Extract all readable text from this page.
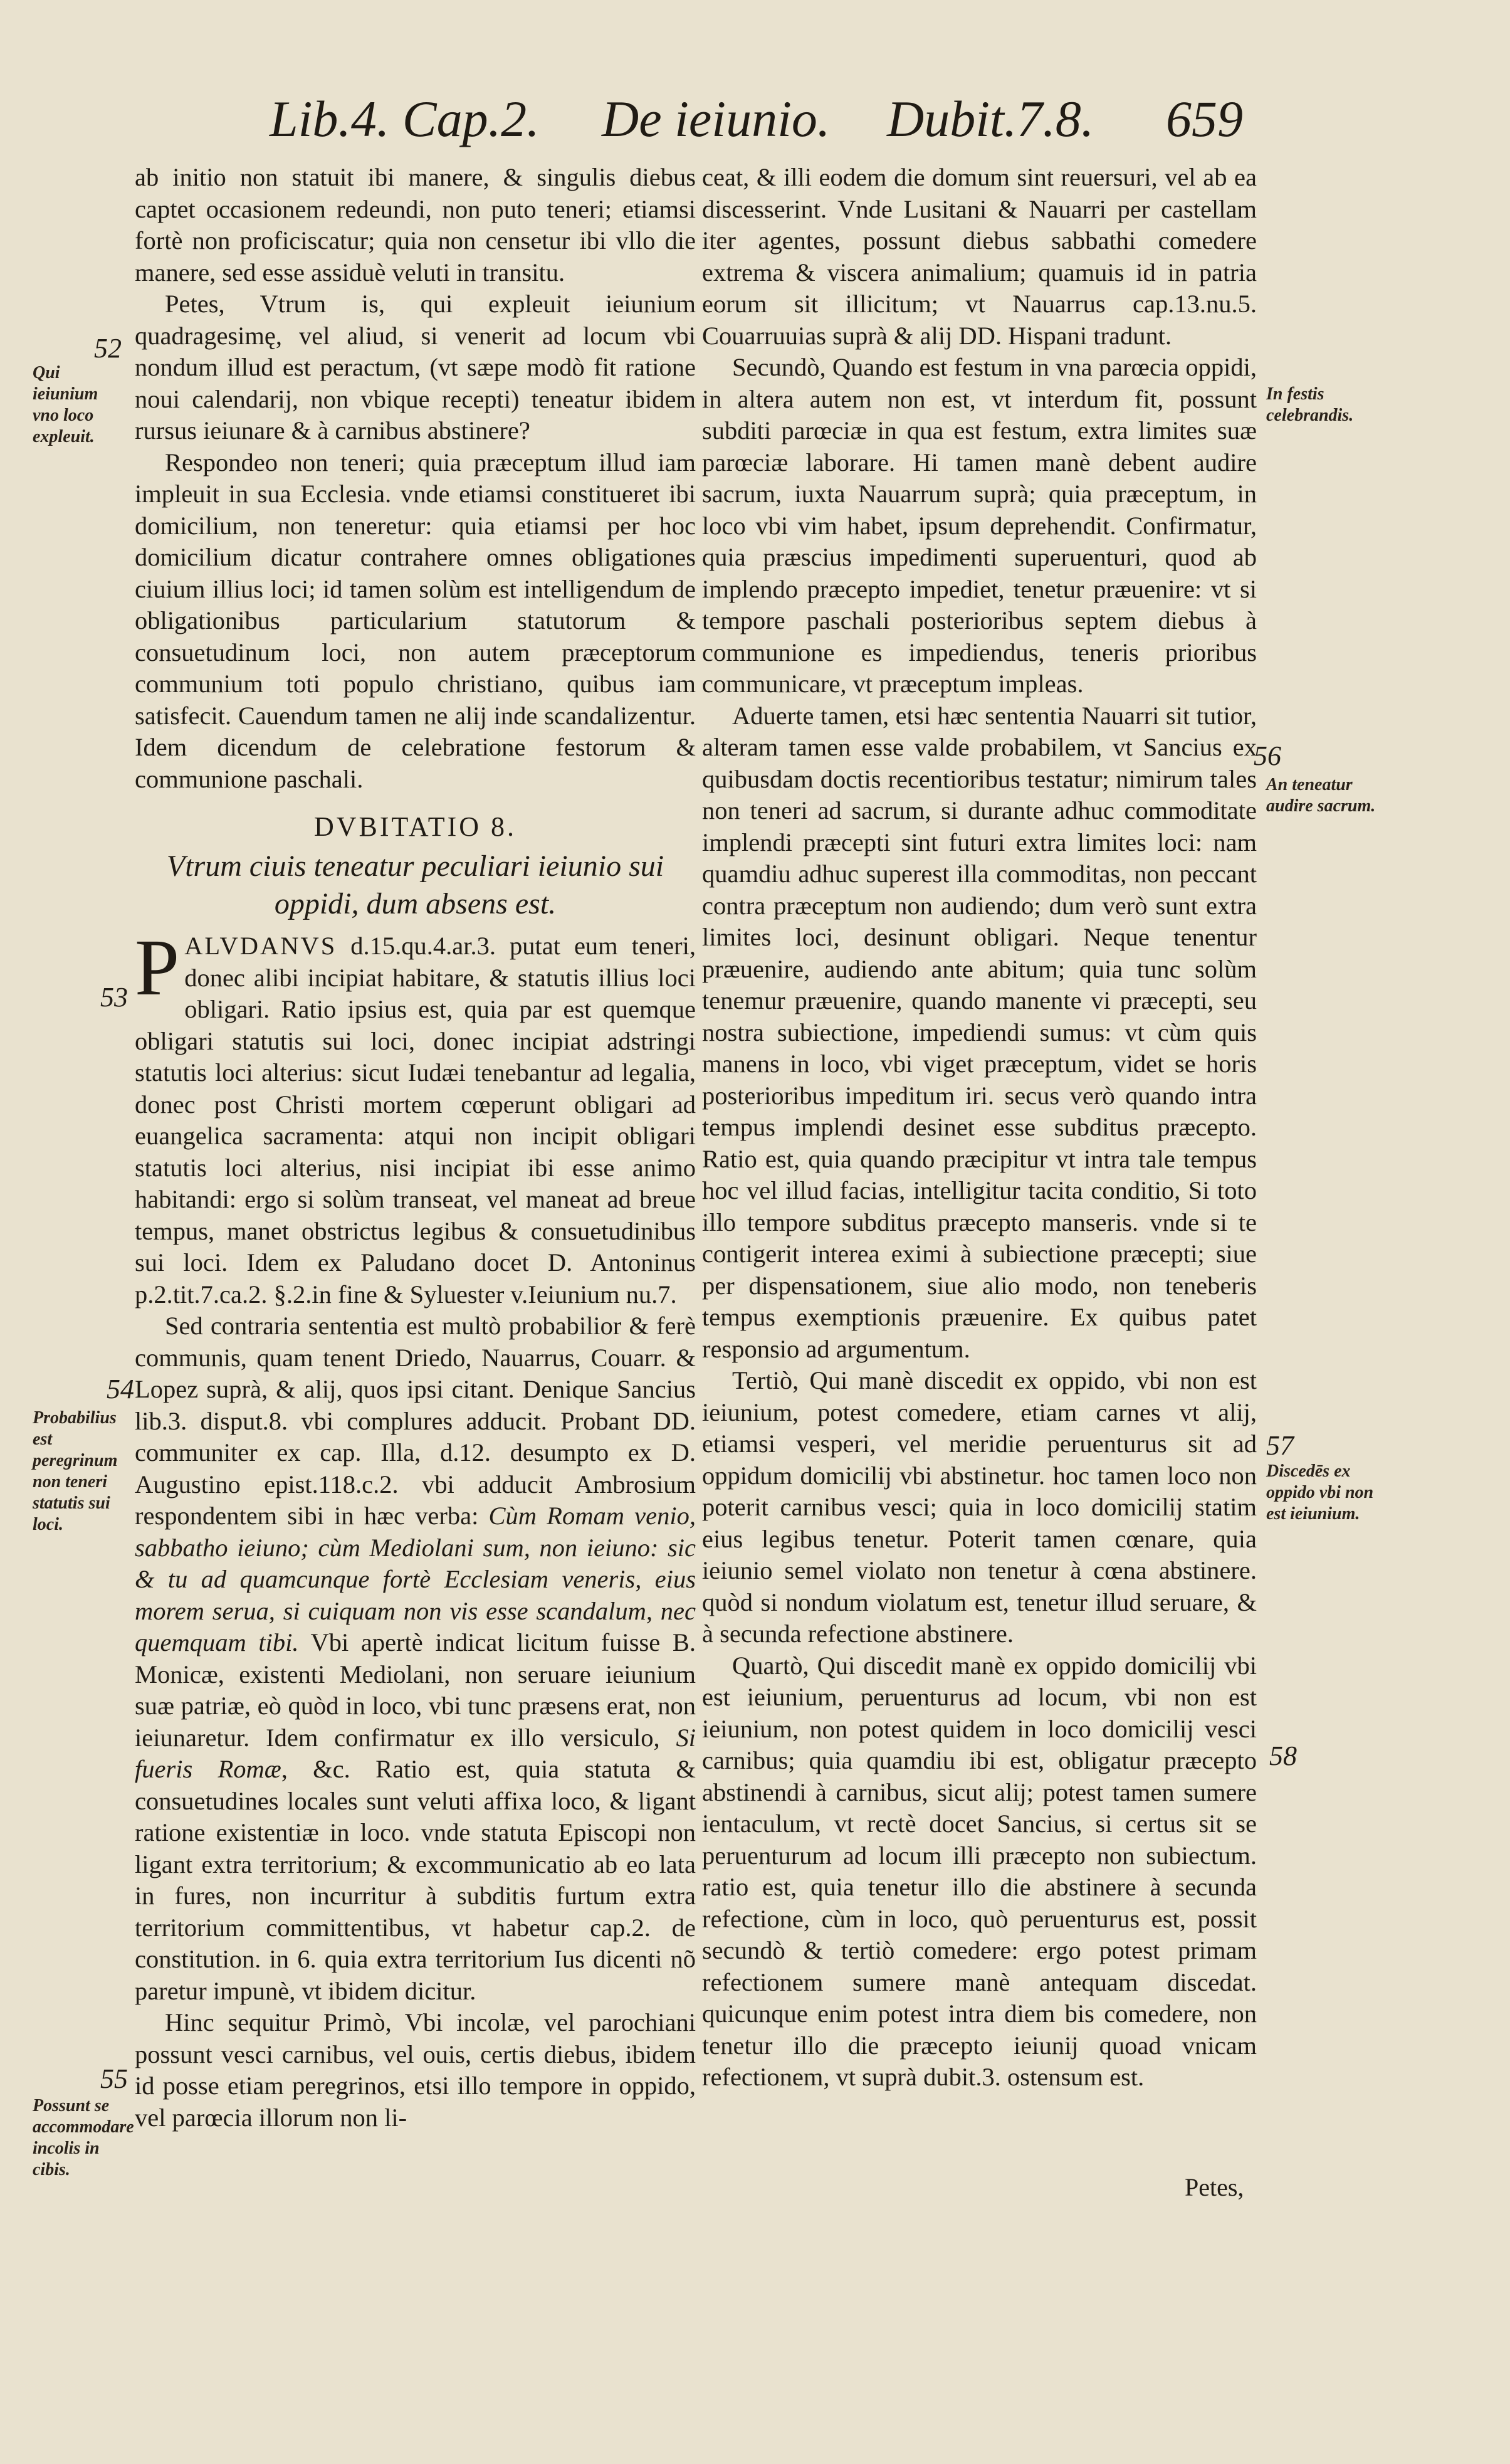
Lib.4. Cap.2. De ieiunio. Dubit.7.8. 659
52
53
54
55
56
57
58
Qui ieiunium vno loco expleuit.
Probabilius est peregrinum non teneri statutis sui loci.
Possunt se accommodare incolis in cibis.
In festis celebrandis.
An teneatur audire sacrum.
Discedēs ex oppido vbi non est ieiunium.

ab initio non statuit ibi manere, & singulis diebus captet occasionem redeundi, non puto teneri; etiamsi fortè non proficiscatur; quia non censetur ibi vllo die manere, sed esse assiduè veluti in transitu.

Petes, Vtrum is, qui expleuit ieiunium quadragesimę, vel aliud, si venerit ad locum vbi nondum illud est peractum, (vt sæpe modò fit ratione noui calendarij, non vbique recepti) teneatur ibidem rursus ieiunare & à carnibus abstinere?

Respondeo non teneri; quia præceptum illud iam impleuit in sua Ecclesia. vnde etiamsi constitueret ibi domicilium, non teneretur: quia etiamsi per hoc domicilium dicatur contrahere omnes obligationes ciuium illius loci; id tamen solùm est intelligendum de obligationibus particularium statutorum & consuetudinum loci, non autem præceptorum communium toti populo christiano, quibus iam satisfecit. Cauendum tamen ne alij inde scandalizentur. Idem dicendum de celebratione festorum & communione paschali.

DVBITATIO 8.
Vtrum ciuis teneatur peculiari ieiunio sui oppidi, dum absens est.

PALVDANVS d.15.qu.4.ar.3. putat eum teneri, donec alibi incipiat habitare, & statutis illius loci obligari. Ratio ipsius est, quia par est quemque obligari statutis sui loci, donec incipiat adstringi statutis loci alterius: sicut Iudæi tenebantur ad legalia, donec post Christi mortem cœperunt obligari ad euangelica sacramenta: atqui non incipit obligari statutis loci alterius, nisi incipiat ibi esse animo habitandi: ergo si solùm transeat, vel maneat ad breue tempus, manet obstrictus legibus & consuetudinibus sui loci. Idem ex Paludano docet D. Antoninus p.2.tit.7.ca.2. §.2.in fine & Syluester v.Ieiunium nu.7.

Sed contraria sententia est multò probabilior & ferè communis, quam tenent Driedo, Nauarrus, Couarr. & Lopez suprà, & alij, quos ipsi citant. Denique Sancius lib.3. disput.8. vbi complures adducit. Probant DD. communiter ex cap. Illa, d.12. desumpto ex D. Augustino epist.118.c.2. vbi adducit Ambrosium respondentem sibi in hæc verba: Cùm Romam venio, sabbatho ieiuno; cùm Mediolani sum, non ieiuno: sic & tu ad quamcunque fortè Ecclesiam veneris, eius morem serua, si cuiquam non vis esse scandalum, nec quemquam tibi. Vbi apertè indicat licitum fuisse B. Monicæ, existenti Mediolani, non seruare ieiunium suæ patriæ, eò quòd in loco, vbi tunc præsens erat, non ieiunaretur. Idem confirmatur ex illo versiculo, Si fueris Romæ, &c. Ratio est, quia statuta & consuetudines locales sunt veluti affixa loco, & ligant ratione existentiæ in loco. vnde statuta Episcopi non ligant extra territorium; & excommunicatio ab eo lata in fures, non incurritur à subditis furtum extra territorium committentibus, vt habetur cap.2. de constitution. in 6. quia extra territorium Ius dicenti nõ paretur impunè, vt ibidem dicitur.

Hinc sequitur Primò, Vbi incolæ, vel parochiani possunt vesci carnibus, vel ouis, certis diebus, ibidem id posse etiam peregrinos, etsi illo tempore in oppido, vel parœcia illorum non li-

ceat, & illi eodem die domum sint reuersuri, vel ab ea discesserint. Vnde Lusitani & Nauarri per castellam iter agentes, possunt diebus sabbathi comedere extrema & viscera animalium; quamuis id in patria eorum sit illicitum; vt Nauarrus cap.13.nu.5. Couarruuias suprà & alij DD. Hispani tradunt.

Secundò, Quando est festum in vna parœcia oppidi, in altera autem non est, vt interdum fit, possunt subditi parœciæ in qua est festum, extra limites suæ parœciæ laborare. Hi tamen manè debent audire sacrum, iuxta Nauarrum suprà; quia præceptum, in loco vbi vim habet, ipsum deprehendit. Confirmatur, quia præscius impedimenti superuenturi, quod ab implendo præcepto impediet, tenetur præuenire: vt si tempore paschali posterioribus septem diebus à communione es impediendus, teneris prioribus communicare, vt præceptum impleas.

Aduerte tamen, etsi hæc sententia Nauarri sit tutior, alteram tamen esse valde probabilem, vt Sancius ex quibusdam doctis recentioribus testatur; nimirum tales non teneri ad sacrum, si durante adhuc commoditate implendi præcepti sint futuri extra limites loci: nam quamdiu adhuc superest illa commoditas, non peccant contra præceptum non audiendo; dum verò sunt extra limites loci, desinunt obligari. Neque tenentur præuenire, audiendo ante abitum; quia tunc solùm tenemur præuenire, quando manente vi præcepti, seu nostra subiectione, impediendi sumus: vt cùm quis manens in loco, vbi viget præceptum, videt se horis posterioribus impeditum iri. secus verò quando intra tempus implendi desinet esse subditus præcepto. Ratio est, quia quando præcipitur vt intra tale tempus hoc vel illud facias, intelligitur tacita conditio, Si toto illo tempore subditus præcepto manseris. vnde si te contigerit interea eximi à subiectione præcepti; siue per dispensationem, siue alio modo, non teneberis tempus exemptionis præuenire. Ex quibus patet responsio ad argumentum.

Tertiò, Qui manè discedit ex oppido, vbi non est ieiunium, potest comedere, etiam carnes vt alij, etiamsi vesperi, vel meridie peruenturus sit ad oppidum domicilij vbi abstinetur. hoc tamen loco non poterit carnibus vesci; quia in loco domicilij statim eius legibus tenetur. Poterit tamen cœnare, quia ieiunio semel violato non tenetur à cœna abstinere. quòd si nondum violatum est, tenetur illud seruare, & à secunda refectione abstinere.

Quartò, Qui discedit manè ex oppido domicilij vbi est ieiunium, peruenturus ad locum, vbi non est ieiunium, non potest quidem in loco domicilij vesci carnibus; quia quamdiu ibi est, obligatur præcepto abstinendi à carnibus, sicut alij; potest tamen sumere ientaculum, vt rectè docet Sancius, si certus sit se peruenturum ad locum illi præcepto non subiectum. ratio est, quia tenetur illo die abstinere à secunda refectione, cùm in loco, quò peruenturus est, possit secundò & tertiò comedere: ergo potest primam refectionem sumere manè antequam discedat. quicunque enim potest intra diem bis comedere, non tenetur illo die præcepto ieiunij quoad vnicam refectionem, vt suprà dubit.3. ostensum est.

Petes,
